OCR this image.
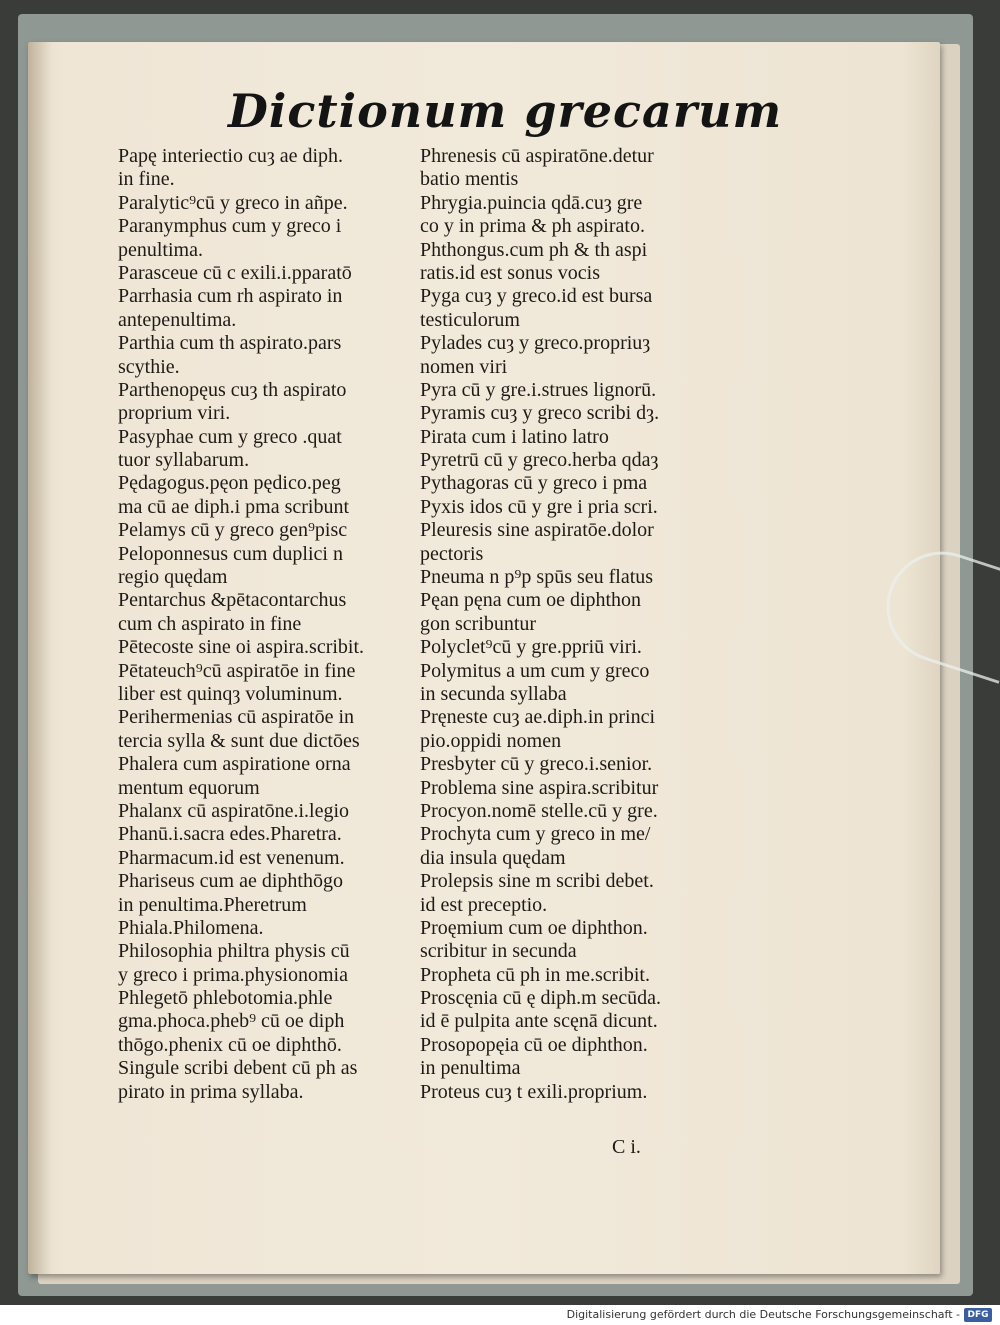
Dictionum grecarum
Papę interiectio cuȝ ae diph.
in fine.
Paralytic⁹cū y greco in añpe.
Paranymphus cum y greco i
penultima.
Parasceue cū c exili.i.pparatō
Parrhasia cum rh aspirato in
antepenultima.
Parthia cum th aspirato.pars
scythie.
Parthenopęus cuȝ th aspirato
proprium viri.
Pasyphae cum y greco .quat
tuor syllabarum.
Pędagogus.pęon pędico.peg
ma cū ae diph.i pma scribunt
Pelamys cū y greco gen⁹pisc
Peloponnesus cum duplici n
regio quędam
Pentarchus &pētacontarchus
cum ch aspirato in fine
Pētecoste sine oi aspira.scribit.
Pētateuch⁹cū aspiratōe in fine
liber est quinqȝ voluminum.
Perihermenias cū aspiratōe in
tercia sylla & sunt due dictōes
Phalera cum aspiratione orna
mentum equorum
Phalanx cū aspiratōne.i.legio
Phanū.i.sacra edes.Pharetra.
Pharmacum.id est venenum.
Phariseus cum ae diphthōgo
in penultima.Pheretrum
Phiala.Philomena.
Philosophia philtra physis cū
y greco i prima.physionomia
Phlegetō phlebotomia.phle
gma.phoca.pheb⁹ cū oe diph
thōgo.phenix cū oe diphthō.
Singule scribi debent cū ph as
pirato in prima syllaba.
Phrenesis cū aspiratōne.detur
batio mentis
Phrygia.puincia qdā.cuȝ gre
co y in prima & ph aspirato.
Phthongus.cum ph & th aspi
ratis.id est sonus vocis
Pyga cuȝ y greco.id est bursa
testiculorum
Pylades cuȝ y greco.propriuȝ
nomen viri
Pyra cū y gre.i.strues lignorū.
Pyramis cuȝ y greco scribi dȝ.
Pirata cum i latino latro
Pyretrū cū y greco.herba qdaȝ
Pythagoras cū y greco i pma
Pyxis idos cū y gre i pria scri.
Pleuresis sine aspiratōe.dolor
pectoris
Pneuma n p⁹p spūs seu flatus
Pęan pęna cum oe diphthon
gon scribuntur
Polyclet⁹cū y gre.ppriū viri.
Polymitus a um cum y greco
in secunda syllaba
Pręneste cuȝ ae.diph.in princi
pio.oppidi nomen
Presbyter cū y greco.i.senior.
Problema sine aspira.scribitur
Procyon.nomē stelle.cū y gre.
Prochyta cum y greco in me/
dia insula quędam
Prolepsis sine m scribi debet.
id est preceptio.
Proęmium cum oe diphthon.
scribitur in secunda
Propheta cū ph in me.scribit.
Proscęnia cū ę diph.m secūda.
id ē pulpita ante scęnā dicunt.
Prosopopęia cū oe diphthon.
in penultima
Proteus cuȝ t exili.proprium.
C i.
Digitalisierung gefördert durch die Deutsche Forschungsgemeinschaft - DFG
